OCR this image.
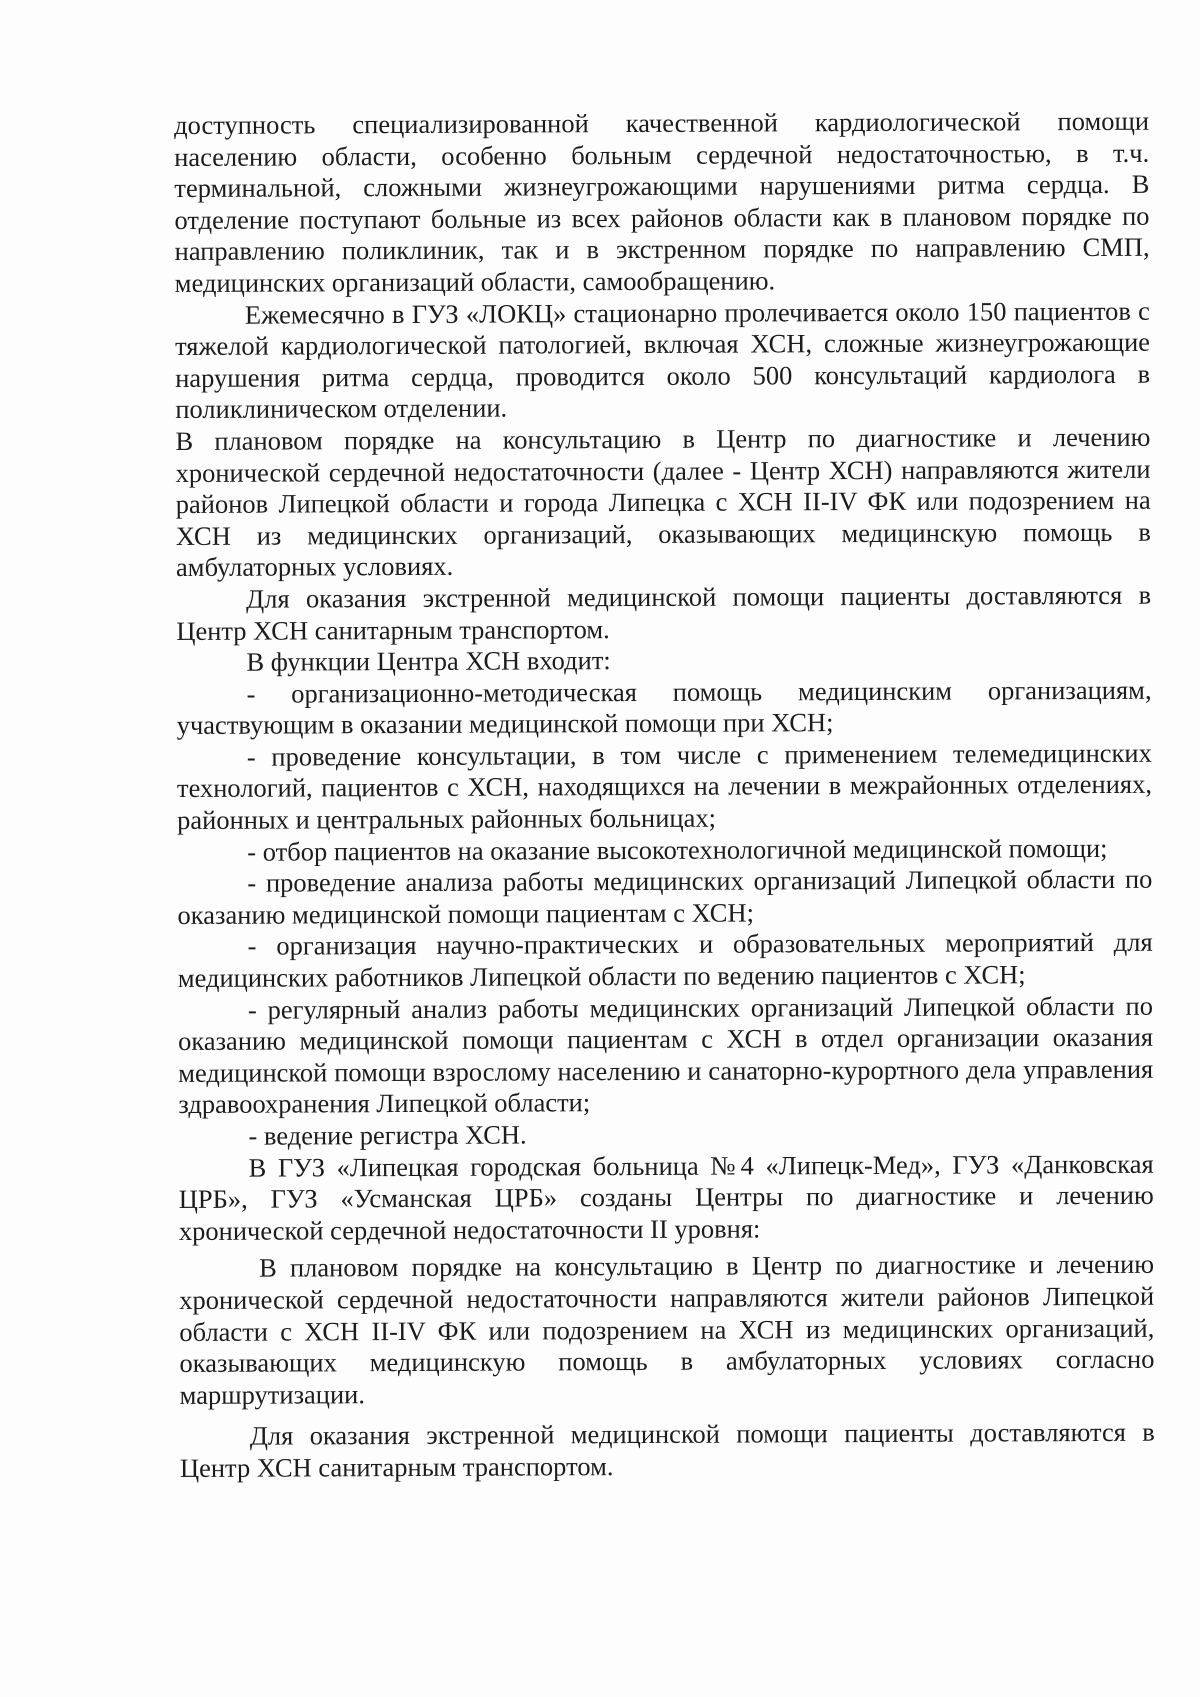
доступность специализированной качественной кардиологической помощи населению области, особенно больным сердечной недостаточностью, в т.ч. терминальной, сложными жизнеугрожающими нарушениями ритма сердца. В отделение поступают больные из всех районов области как в плановом порядке по направлению поликлиник, так и в экстренном порядке по направлению СМП, медицинских организаций области, самообращению.

Ежемесячно в ГУЗ «ЛОКЦ» стационарно пролечивается около 150 пациентов с тяжелой кардиологической патологией, включая ХСН, сложные жизнеугрожающие нарушения ритма сердца, проводится около 500 консультаций кардиолога в поликлиническом отделении.

В плановом порядке на консультацию в Центр по диагностике и лечению хронической сердечной недостаточности (далее - Центр ХСН) направляются жители районов Липецкой области и города Липецка с ХСН II-IV ФК или подозрением на ХСН из медицинских организаций, оказывающих медицинскую помощь в амбулаторных условиях.

Для оказания экстренной медицинской помощи пациенты доставляются в Центр ХСН санитарным транспортом.

В функции Центра ХСН входит:

- организационно-методическая помощь медицинским организациям, участвующим в оказании медицинской помощи при ХСН;

- проведение консультации, в том числе с применением телемедицинских технологий, пациентов с ХСН, находящихся на лечении в межрайонных отделениях, районных и центральных районных больницах;

- отбор пациентов на оказание высокотехнологичной медицинской помощи;

- проведение анализа работы медицинских организаций Липецкой области по оказанию медицинской помощи пациентам с ХСН;

- организация научно-практических и образовательных мероприятий для медицинских работников Липецкой области по ведению пациентов с ХСН;

- регулярный анализ работы медицинских организаций Липецкой области по оказанию медицинской помощи пациентам с ХСН в отдел организации оказания медицинской помощи взрослому населению и санаторно-курортного дела управления здравоохранения Липецкой области;

- ведение регистра ХСН.

В ГУЗ «Липецкая городская больница №4 «Липецк-Мед», ГУЗ «Данковская ЦРБ», ГУЗ «Усманская ЦРБ» созданы Центры по диагностике и лечению хронической сердечной недостаточности II уровня:

В плановом порядке на консультацию в Центр по диагностике и лечению хронической сердечной недостаточности направляются жители районов Липецкой области с ХСН II-IV ФК или подозрением на ХСН из медицинских организаций, оказывающих медицинскую помощь в амбулаторных условиях согласно маршрутизации.

Для оказания экстренной медицинской помощи пациенты доставляются в Центр ХСН санитарным транспортом.
